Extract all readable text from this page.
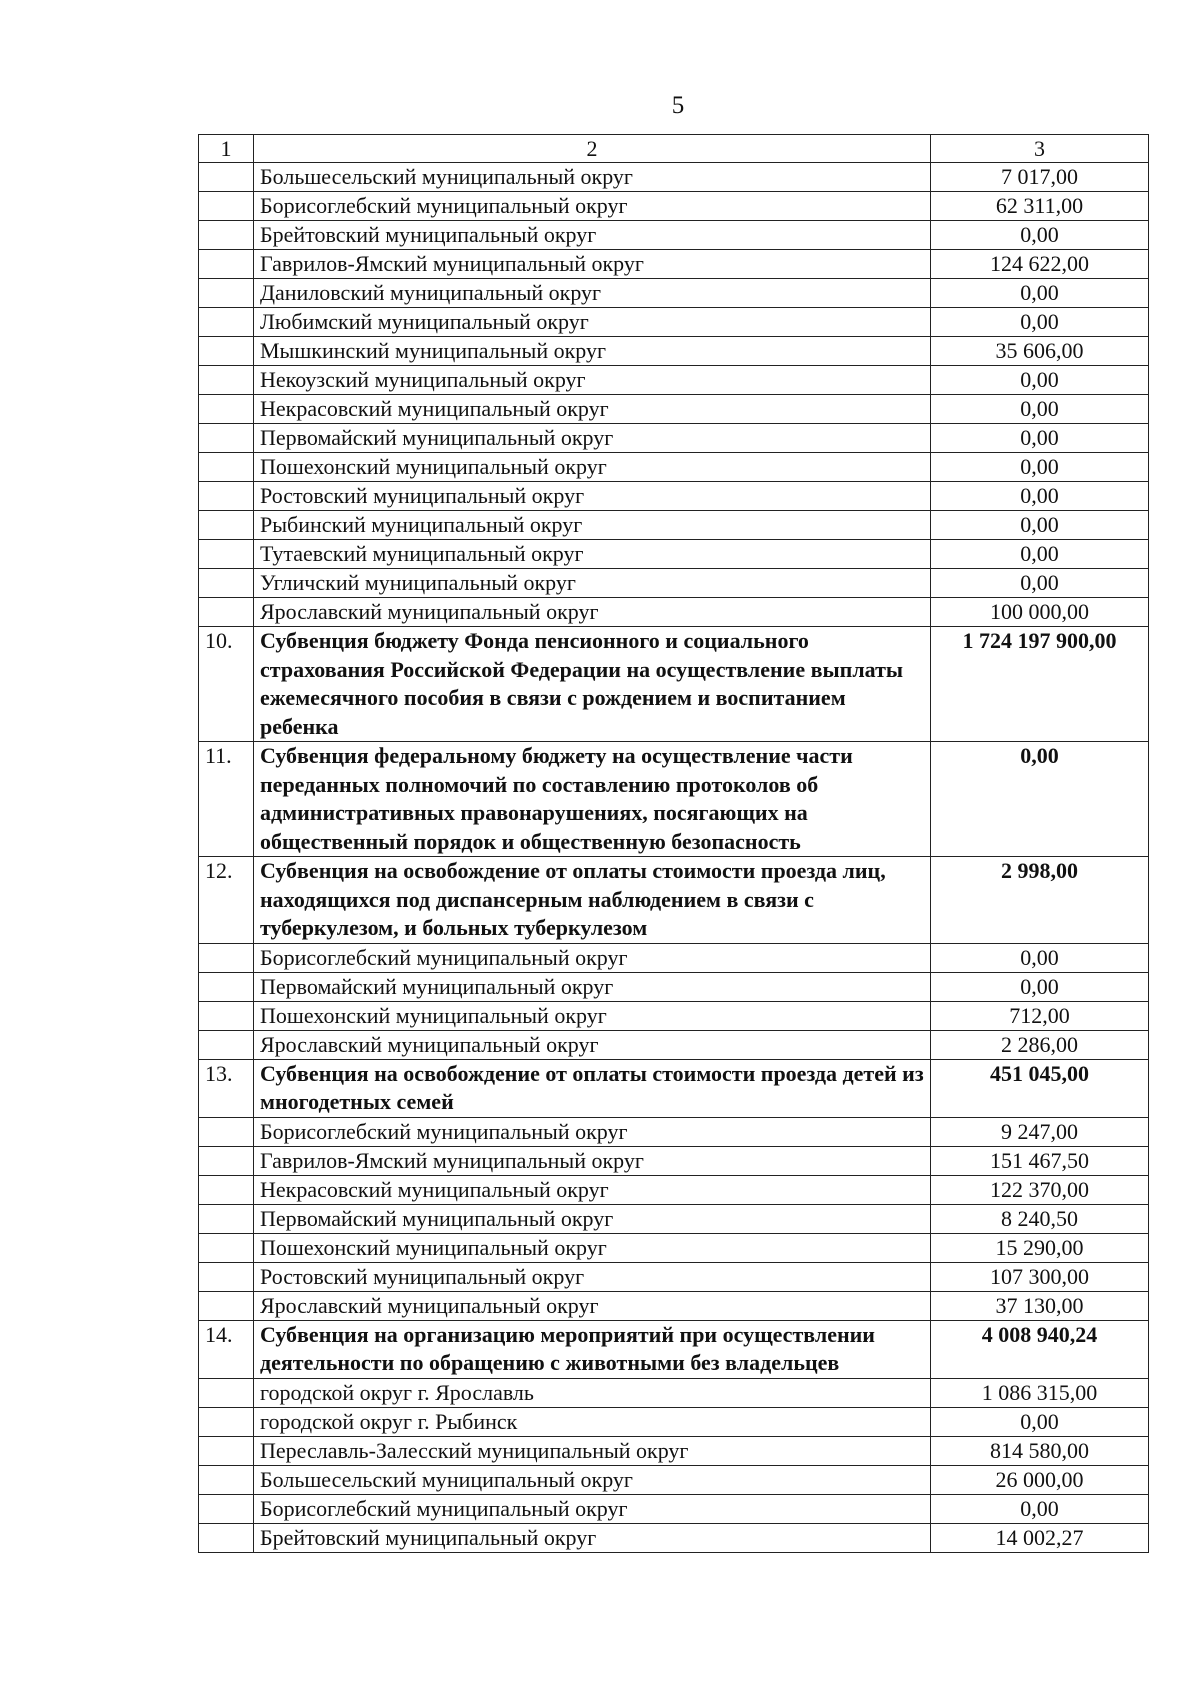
5
1	2	3
	Большесельский муниципальный округ	7 017,00
	Борисоглебский муниципальный округ	62 311,00
	Брейтовский муниципальный округ	0,00
	Гаврилов-Ямский муниципальный округ	124 622,00
	Даниловский муниципальный округ	0,00
	Любимский муниципальный округ	0,00
	Мышкинский муниципальный округ	35 606,00
	Некоузский муниципальный округ	0,00
	Некрасовский муниципальный округ	0,00
	Первомайский муниципальный округ	0,00
	Пошехонский муниципальный округ	0,00
	Ростовский муниципальный округ	0,00
	Рыбинский муниципальный округ	0,00
	Тутаевский муниципальный округ	0,00
	Угличский муниципальный округ	0,00
	Ярославский муниципальный округ	100 000,00
10.	Субвенция бюджету Фонда пенсионного и социального страхования Российской Федерации на осуществление выплаты ежемесячного пособия в связи с рождением и воспитанием ребенка	1 724 197 900,00
11.	Субвенция федеральному бюджету на осуществление части переданных полномочий по составлению протоколов об административных правонарушениях, посягающих на общественный порядок и общественную безопасность	0,00
12.	Субвенция на освобождение от оплаты стоимости проезда лиц, находящихся под диспансерным наблюдением в связи с туберкулезом, и больных туберкулезом	2 998,00
	Борисоглебский муниципальный округ	0,00
	Первомайский муниципальный округ	0,00
	Пошехонский муниципальный округ	712,00
	Ярославский муниципальный округ	2 286,00
13.	Субвенция на освобождение от оплаты стоимости проезда детей из многодетных семей	451 045,00
	Борисоглебский муниципальный округ	9 247,00
	Гаврилов-Ямский муниципальный округ	151 467,50
	Некрасовский муниципальный округ	122 370,00
	Первомайский муниципальный округ	8 240,50
	Пошехонский муниципальный округ	15 290,00
	Ростовский муниципальный округ	107 300,00
	Ярославский муниципальный округ	37 130,00
14.	Субвенция на организацию мероприятий при осуществлении деятельности по обращению с животными без владельцев	4 008 940,24
	городской округ г. Ярославль	1 086 315,00
	городской округ г. Рыбинск	0,00
	Переславль-Залесский муниципальный округ	814 580,00
	Большесельский муниципальный округ	26 000,00
	Борисоглебский муниципальный округ	0,00
	Брейтовский муниципальный округ	14 002,27
